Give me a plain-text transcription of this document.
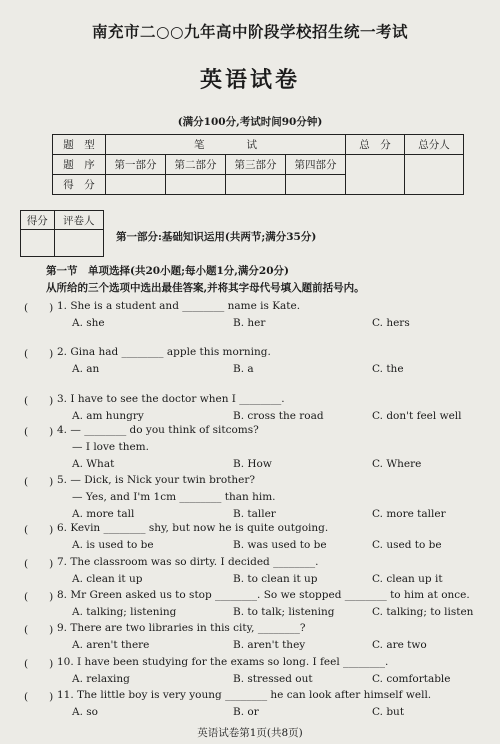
南充市二○○九年高中阶段学校招生统一考试
英语试卷
(满分100分,考试时间90分钟)
题　型	笔　　　　试				总　分	总分人
题　序	第一部分	第二部分	第三部分	第四部分		
得　分						
得分	评卷人

第一部分:基础知识运用(共两节;满分35分)
第一节　单项选择(共20小题;每小题1分,满分20分)
从所给的三个选项中选出最佳答案,并将其字母代号填入题前括号内。
(　　) 1. She is a student and ________ name is Kate.
A. she	B. her	C. hers
(　　) 2. Gina had ________ apple this morning.
A. an	B. a	C. the
(　　) 3. I have to see the doctor when I ________.
A. am hungry	B. cross the road	C. don't feel well
(　　) 4. — ________ do you think of sitcoms?
— I love them.
A. What	B. How	C. Where
(　　) 5. — Dick, is Nick your twin brother?
— Yes, and I'm 1cm ________ than him.
A. more tall	B. taller	C. more taller
(　　) 6. Kevin ________ shy, but now he is quite outgoing.
A. is used to be	B. was used to be	C. used to be
(　　) 7. The classroom was so dirty. I decided ________.
A. clean it up	B. to clean it up	C. clean up it
(　　) 8. Mr Green asked us to stop ________. So we stopped ________ to him at once.
A. talking; listening	B. to talk; listening	C. talking; to listen
(　　) 9. There are two libraries in this city, ________?
A. aren't there	B. aren't they	C. are two
(　　) 10. I have been studying for the exams so long. I feel ________.
A. relaxing	B. stressed out	C. comfortable
(　　) 11. The little boy is very young ________ he can look after himself well.
A. so	B. or	C. but
英语试卷第1页(共8页)
